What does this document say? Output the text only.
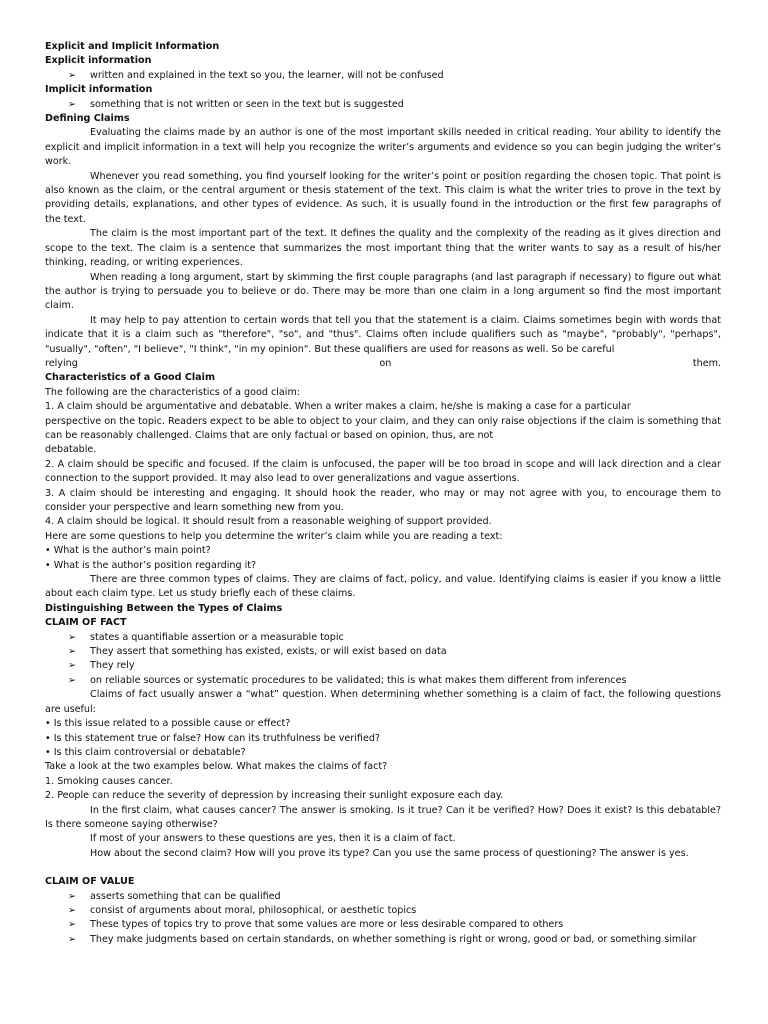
Explicit and Implicit Information
Explicit information
➢ written and explained in the text so you, the learner, will not be confused
Implicit information
➢ something that is not written or seen in the text but is suggested
Defining Claims

Evaluating the claims made by an author is one of the most important skills needed in critical reading. Your ability to identify the explicit and implicit information in a text will help you recognize the writer’s arguments and evidence so you can begin judging the writer’s work.

Whenever you read something, you find yourself looking for the writer’s point or position regarding the chosen topic. That point is also known as the claim, or the central argument or thesis statement of the text. This claim is what the writer tries to prove in the text by providing details, explanations, and other types of evidence. As such, it is usually found in the introduction or the first few paragraphs of the text.

The claim is the most important part of the text. It defines the quality and the complexity of the reading as it gives direction and scope to the text. The claim is a sentence that summarizes the most important thing that the writer wants to say as a result of his/her thinking, reading, or writing experiences.

When reading a long argument, start by skimming the first couple paragraphs (and last paragraph if necessary) to figure out what the author is trying to persuade you to believe or do. There may be more than one claim in a long argument so find the most important claim.

It may help to pay attention to certain words that tell you that the statement is a claim. Claims sometimes begin with words that indicate that it is a claim such as "therefore", "so", and "thus". Claims often include qualifiers such as "maybe", "probably", "perhaps", "usually", "often", "I believe", "I think", "in my opinion". But these qualifiers are used for reasons as well. So be careful

relying on them.

Characteristics of a Good Claim

The following are the characteristics of a good claim:

1. A claim should be argumentative and debatable. When a writer makes a claim, he/she is making a case for a particular

perspective on the topic. Readers expect to be able to object to your claim, and they can only raise objections if the claim is something that can be reasonably challenged. Claims that are only factual or based on opinion, thus, are not

debatable.

2. A claim should be specific and focused. If the claim is unfocused, the paper will be too broad in scope and will lack direction and a clear connection to the support provided. It may also lead to over generalizations and vague assertions.

3. A claim should be interesting and engaging. It should hook the reader, who may or may not agree with you, to encourage them to consider your perspective and learn something new from you.

4. A claim should be logical. It should result from a reasonable weighing of support provided.

Here are some questions to help you determine the writer’s claim while you are reading a text:

• What is the author’s main point?

• What is the author’s position regarding it?

There are three common types of claims. They are claims of fact, policy, and value. Identifying claims is easier if you know a little about each claim type. Let us study briefly each of these claims.

Distinguishing Between the Types of Claims
CLAIM OF FACT
➢ states a quantifiable assertion or a measurable topic
➢ They assert that something has existed, exists, or will exist based on data
➢ They rely
➢ on reliable sources or systematic procedures to be validated; this is what makes them different from inferences

Claims of fact usually answer a “what” question. When determining whether something is a claim of fact, the following questions are useful:

• Is this issue related to a possible cause or effect?

• Is this statement true or false? How can its truthfulness be verified?

• Is this claim controversial or debatable?

Take a look at the two examples below. What makes the claims of fact?

1. Smoking causes cancer.

2. People can reduce the severity of depression by increasing their sunlight exposure each day.

In the first claim, what causes cancer? The answer is smoking. Is it true? Can it be verified? How? Does it exist? Is this debatable? Is there someone saying otherwise?

If most of your answers to these questions are yes, then it is a claim of fact.

How about the second claim? How will you prove its type? Can you use the same process of questioning? The answer is yes.

CLAIM OF VALUE
➢ asserts something that can be qualified
➢ consist of arguments about moral, philosophical, or aesthetic topics
➢ These types of topics try to prove that some values are more or less desirable compared to others
➢ They make judgments based on certain standards, on whether something is right or wrong, good or bad, or something similar
